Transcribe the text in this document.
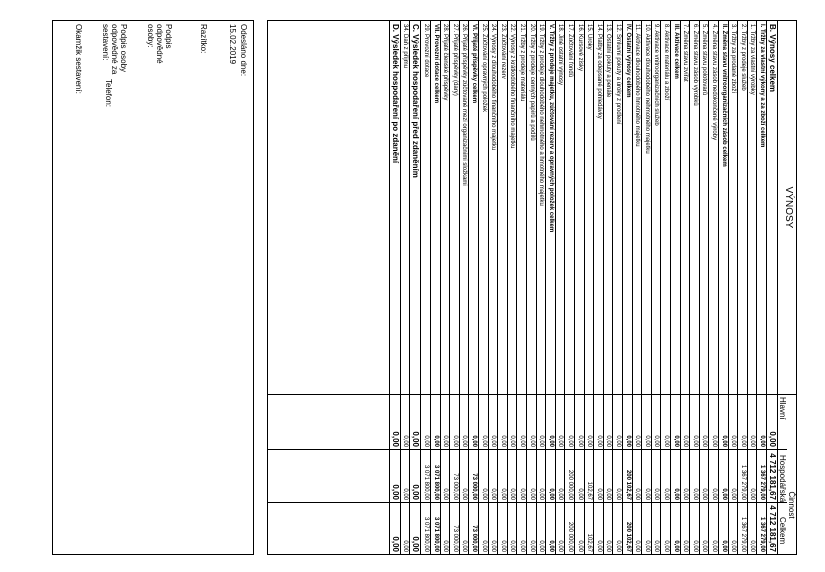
VÝNOSY
Činnost
Hlavní
Hospodářská
Celkem
B. Výnosy celkem
0,00
4 712 181,67
4 712 181,67
I. Tržby za vlastní výkony a za zboží celkem
0,00
1 367 279,00
1 367 279,00
1. Tržby za vlastní výrobky
0,00
0,00
0,00
2. Tržby z prodeje služeb
0,00
1 367 279,00
1 367 279,00
3. Tržby za prodané zboží
0,00
0,00
0,00
II. Změna stavu vnitroorganizačních zásob celkem
0,00
0,00
0,00
4. Změna stavu zásob nedokončené výroby
0,00
0,00
0,00
5. Změna stavu polotovarů
0,00
0,00
0,00
6. Změna stavu zásob výrobků
0,00
0,00
0,00
7. Změna stavu zvířat
0,00
0,00
0,00
III. Aktivace celkem
0,00
0,00
0,00
8. Aktivace materiálu a zboží
0,00
0,00
0,00
9. Aktivace vnitroorganizačních služeb
0,00
0,00
0,00
10. Aktivace dlouhodobého nehmotného majetku
0,00
0,00
0,00
11. Aktivace dlouhodobého hmotného majetku
0,00
0,00
0,00
IV. Ostatní výnosy celkem
0,00
200 102,67
200 102,67
12. Smluvní pokuty a úroky z prodlení
0,00
0,00
0,00
13. Ostatní pokuty a penále
0,00
0,00
0,00
14. Platby za odepsané pohledávky
0,00
0,00
0,00
15. Úroky
0,00
102,67
102,67
16. Kursové zisky
0,00
0,00
0,00
17. Zúčtování fondů
0,00
200 000,00
200 000,00
18. Jiné ostatní výnosy
0,00
0,00
0,00
V. Tržby z prodeje majetku, zúčtování rezerv a opravných položek celkem
0,00
0,00
0,00
19. Tržby z prodeje dlouhodobého nehmotného a hmotného majetku
0,00
0,00
0,00
20. Tržby z prodeje cenných papírů a podílů
0,00
0,00
0,00
21. Tržby z prodeje materiálu
0,00
0,00
0,00
22. Výnosy z krátkodobého finančního majetku
0,00
0,00
0,00
23. Zúčtování rezerv
0,00
0,00
0,00
24. Výnosy z dlouhodobého finančního majetku
0,00
0,00
0,00
25. Zúčtování opravných položek
0,00
0,00
0,00
VI. Přijaté příspěvky celkem
0,00
73 000,00
73 000,00
26. Přijaté příspěvky zúčtované mezi organizačními složkami
0,00
0,00
0,00
27. Přijaté příspěvky (dary)
0,00
73 000,00
73 000,00
28. Přijaté členské příspěvky
0,00
0,00
0,00
VII. Provozní dotace celkem
0,00
3 071 800,00
3 071 800,00
29. Provozní dotace
0,00
3 071 800,00
3 071 800,00
C. Výsledek hospodaření před zdaněním
0,00
0,00
0,00
34. Daň z příjmu
0,00
0,00
0,00
D. Výsledek hospodaření po zdanění
0,00
0,00
0,00
Odesláno dne:
15.02.2019
Razítko:
Podpis odpovědné osoby:
Podpis osoby odpovědné za sestavení:
Okamžik sestavení:	Telefon:
